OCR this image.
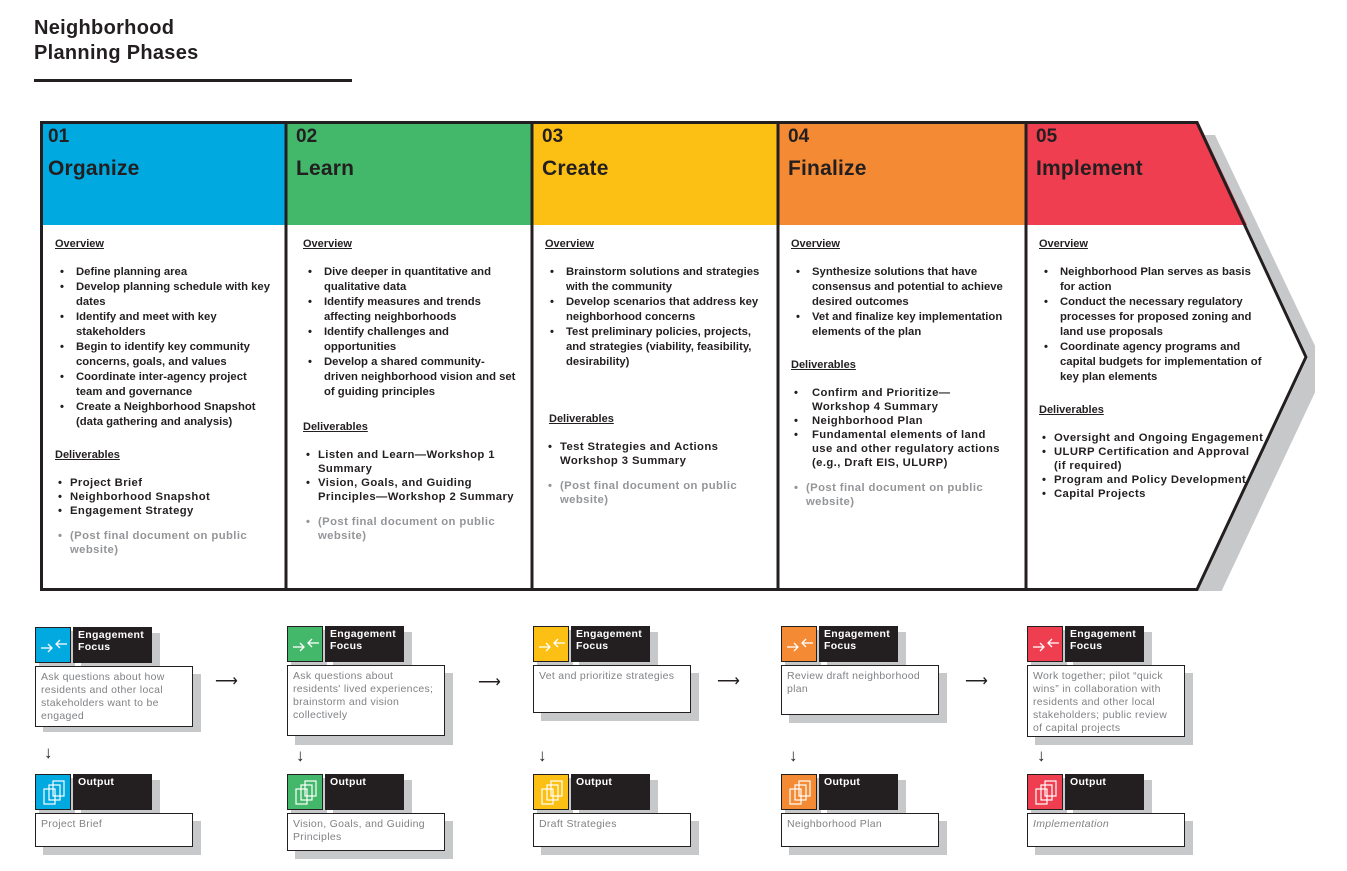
Neighborhood
Planning Phases
01
Organize
Overview
• Define planning area
• Develop planning schedule with key dates
• Identify and meet with key stakeholders
• Begin to identify key community concerns, goals, and values
• Coordinate inter-agency project team and governance
• Create a Neighborhood Snapshot (data gathering and analysis)
Deliverables
• Project Brief
• Neighborhood Snapshot
• Engagement Strategy
• (Post final document on public website)
02
Learn
Overview
• Dive deeper in quantitative and qualitative data
• Identify measures and trends affecting neighborhoods
• Identify challenges and opportunities
• Develop a shared community-driven neighborhood vision and set of guiding principles
Deliverables
• Listen and Learn—Workshop 1 Summary
• Vision, Goals, and Guiding Principles—Workshop 2 Summary
• (Post final document on public website)
03
Create
Overview
• Brainstorm solutions and strategies with the community
• Develop scenarios that address key neighborhood concerns
• Test preliminary policies, projects, and strategies (viability, feasibility, desirability)
Deliverables
• Test Strategies and Actions Workshop 3 Summary
• (Post final document on public website)
04
Finalize
Overview
• Synthesize solutions that have consensus and potential to achieve desired outcomes
• Vet and finalize key implementation elements of the plan
Deliverables
• Confirm and Prioritize—Workshop 4 Summary
• Neighborhood Plan
• Fundamental elements of land use and other regulatory actions (e.g., Draft EIS, ULURP)
• (Post final document on public website)
05
Implement
Overview
• Neighborhood Plan serves as basis for action
• Conduct the necessary regulatory processes for proposed zoning and land use proposals
• Coordinate agency programs and capital budgets for implementation of key plan elements
Deliverables
• Oversight and Ongoing Engagement
• ULURP Certification and Approval (if required)
• Program and Policy Development
• Capital Projects
Engagement
Focus
Ask questions about how residents and other local stakeholders want to be engaged
⟶
↓
Output
Project Brief
Engagement
Focus
Ask questions about residents' lived experiences; brainstorm and vision collectively
⟶
↓
Output
Vision, Goals, and Guiding Principles
Engagement
Focus
Vet and prioritize strategies	⟶
↓
Output
Draft Strategies
Engagement
Focus
Review draft neighborhood plan	⟶
↓
Output
Neighborhood Plan
Engagement
Focus
Work together; pilot “quick wins” in collaboration with residents and other local stakeholders; public review of capital projects
↓
Output
Implementation
